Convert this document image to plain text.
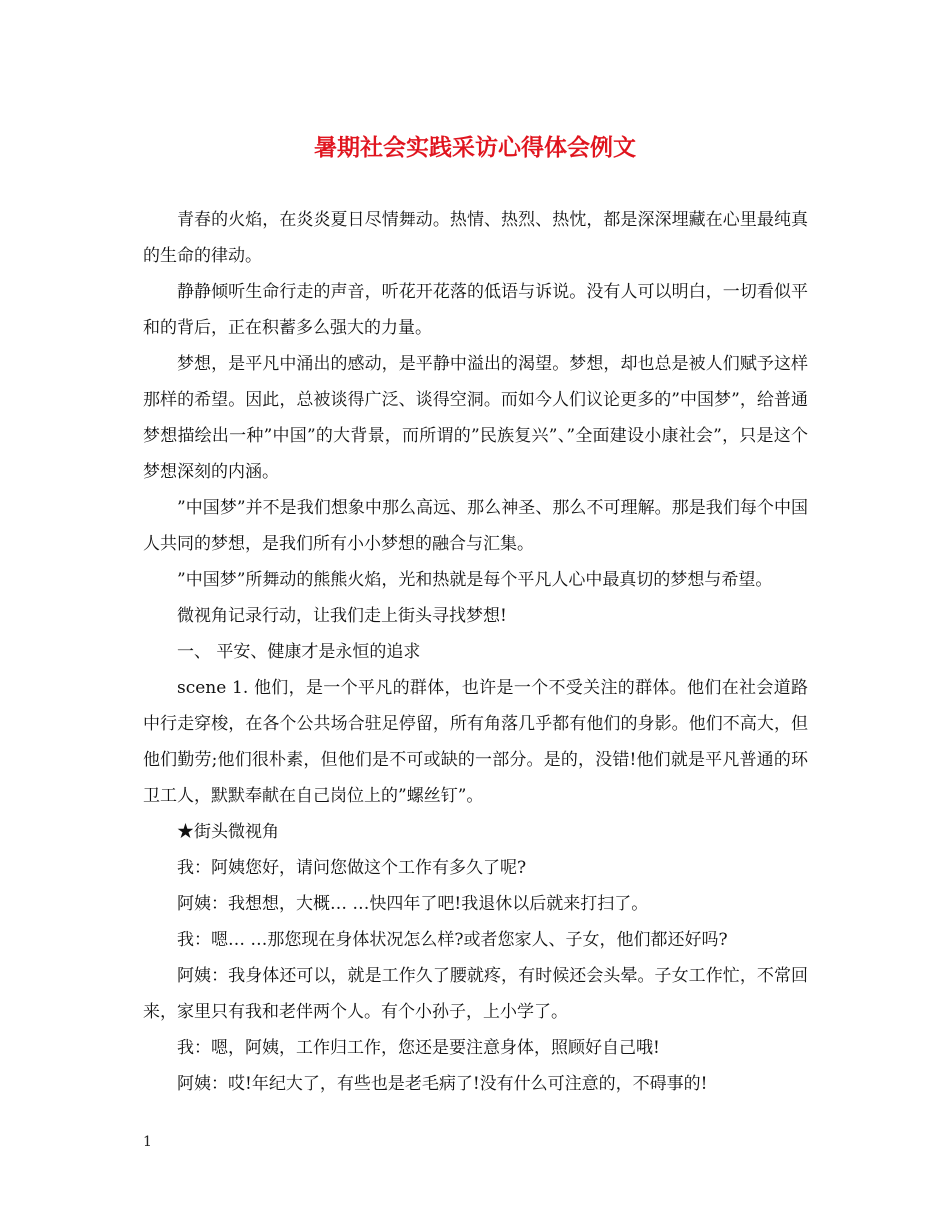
暑期社会实践采访心得体会例文

青春的火焰，在炎炎夏日尽情舞动。热情、热烈、热忱，都是深深埋藏在心里最纯真的生命的律动。

静静倾听生命行走的声音，听花开花落的低语与诉说。没有人可以明白，一切看似平和的背后，正在积蓄多么强大的力量。

梦想，是平凡中涌出的感动，是平静中溢出的渴望。梦想，却也总是被人们赋予这样那样的希望。因此，总被谈得广泛、谈得空洞。而如今人们议论更多的”中国梦”，给普通梦想描绘出一种”中国”的大背景，而所谓的”民族复兴”、”全面建设小康社会”，只是这个梦想深刻的内涵。

”中国梦”并不是我们想象中那么高远、那么神圣、那么不可理解。那是我们每个中国人共同的梦想，是我们所有小小梦想的融合与汇集。

”中国梦”所舞动的熊熊火焰，光和热就是每个平凡人心中最真切的梦想与希望。

微视角记录行动，让我们走上街头寻找梦想!

一、 平安、健康才是永恒的追求

scene 1. 他们，是一个平凡的群体，也许是一个不受关注的群体。他们在社会道路中行走穿梭，在各个公共场合驻足停留，所有角落几乎都有他们的身影。他们不高大，但他们勤劳;他们很朴素，但他们是不可或缺的一部分。是的，没错!他们就是平凡普通的环卫工人，默默奉献在自己岗位上的”螺丝钉”。

★街头微视角

我：阿姨您好，请问您做这个工作有多久了呢?

阿姨：我想想，大概… …快四年了吧!我退休以后就来打扫了。

我：嗯… …那您现在身体状况怎么样?或者您家人、子女，他们都还好吗?

阿姨：我身体还可以，就是工作久了腰就疼，有时候还会头晕。子女工作忙，不常回来，家里只有我和老伴两个人。有个小孙子，上小学了。

我：嗯，阿姨，工作归工作，您还是要注意身体，照顾好自己哦!

阿姨：哎!年纪大了，有些也是老毛病了!没有什么可注意的，不碍事的!

1
